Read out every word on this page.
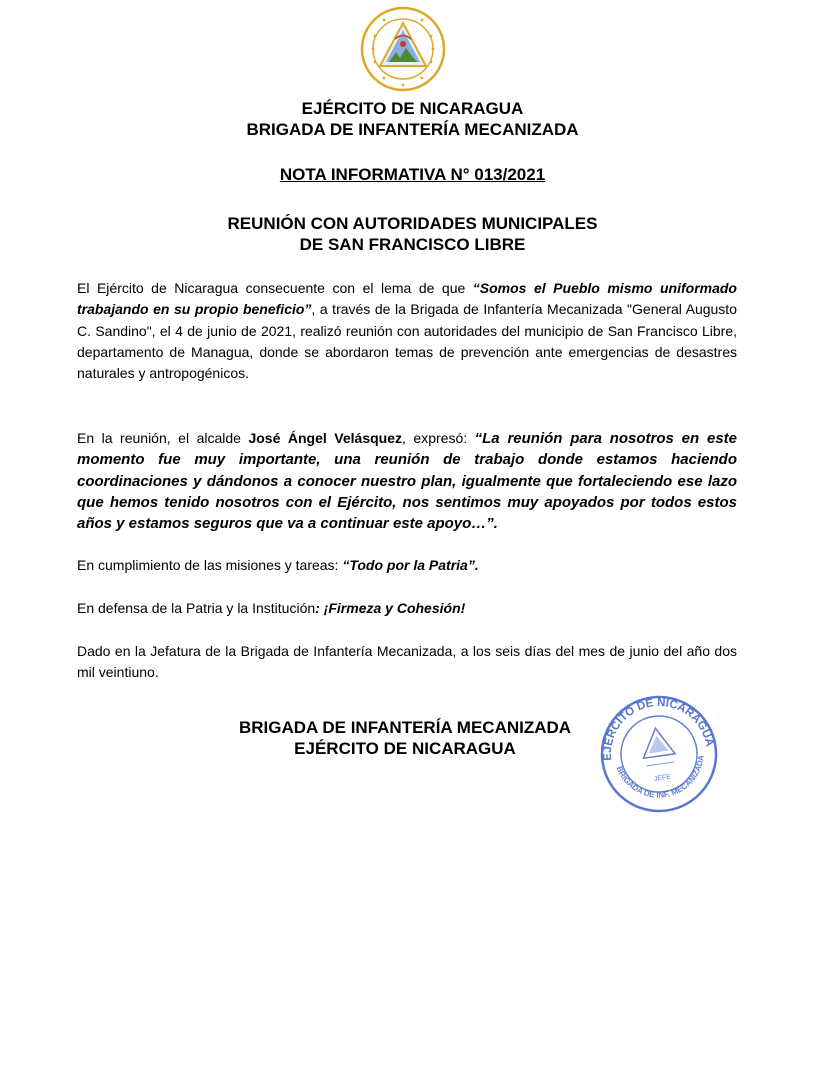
EJÉRCITO DE NICARAGUA

BRIGADA DE INFANTERÍA MECANIZADA

NOTA INFORMATIVA N° 013/2021

REUNIÓN CON AUTORIDADES MUNICIPALES

DE SAN FRANCISCO LIBRE

El Ejército de Nicaragua consecuente con el lema de que “Somos el Pueblo mismo uniformado trabajando en su propio beneficio”, a través de la Brigada de Infantería Mecanizada "General Augusto C. Sandino", el 4 de junio de 2021, realizó reunión con autoridades del municipio de San Francisco Libre, departamento de Managua, donde se abordaron temas de prevención ante emergencias de desastres naturales y antropogénicos.

En la reunión, el alcalde José Ángel Velásquez, expresó: “La reunión para nosotros en este momento fue muy importante, una reunión de trabajo donde estamos haciendo coordinaciones y dándonos a conocer nuestro plan, igualmente que fortaleciendo ese lazo que hemos tenido nosotros con el Ejército, nos sentimos muy apoyados por todos estos años y estamos seguros que va a continuar este apoyo…”.

En cumplimiento de las misiones y tareas: “Todo por la Patria”.

En defensa de la Patria y la Institución: ¡Firmeza y Cohesión!

Dado en la Jefatura de la Brigada de Infantería Mecanizada, a los seis días del mes de junio del año dos mil veintiuno.

BRIGADA DE INFANTERÍA MECANIZADA

EJÉRCITO DE NICARAGUA	EJÉRCITO DE NICARAGUA
BRIGADA DE INF. MECANIZADA
JEFE
